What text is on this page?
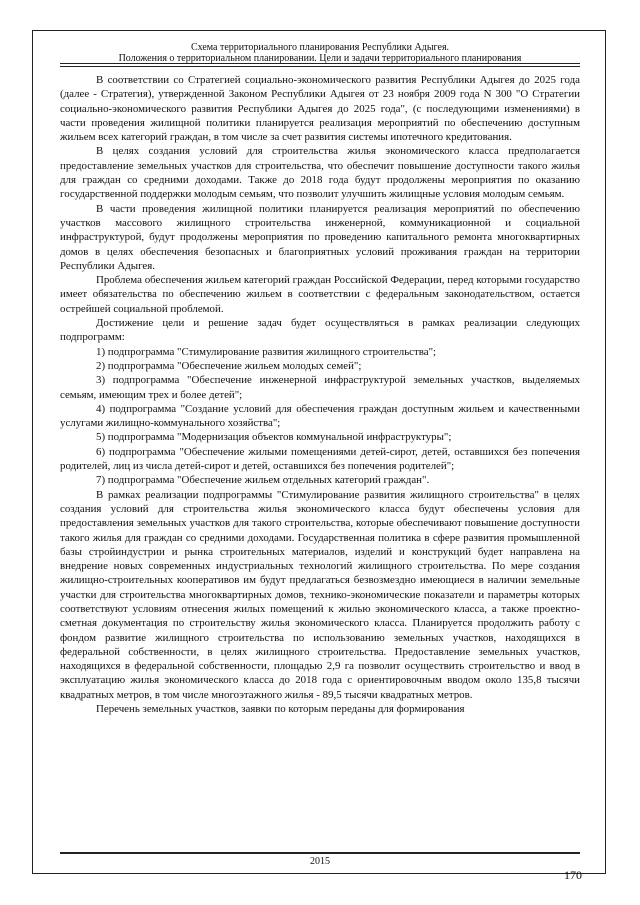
Схема территориального планирования Республики Адыгея.
Положения о территориальном планировании. Цели и задачи территориального планирования

В соответствии со Стратегией социально-экономического развития Республики Адыгея до 2025 года (далее - Стратегия), утвержденной Законом Республики Адыгея от 23 ноября 2009 года N 300 "О Стратегии социально-экономического развития Республики Адыгея до 2025 года", (с последующими изменениями) в части проведения жилищной политики планируется реализация мероприятий по обеспечению доступным жильем всех категорий граждан, в том числе за счет развития системы ипотечного кредитования.

В целях создания условий для строительства жилья экономического класса предполагается предоставление земельных участков для строительства, что обеспечит повышение доступности такого жилья для граждан со средними доходами. Также до 2018 года будут продолжены мероприятия по оказанию государственной поддержки молодым семьям, что позволит улучшить жилищные условия молодым семьям.

В части проведения жилищной политики планируется реализация мероприятий по обеспечению участков массового жилищного строительства инженерной, коммуникационной и социальной инфраструктурой, будут продолжены мероприятия по проведению капитального ремонта многоквартирных домов в целях обеспечения безопасных и благоприятных условий проживания граждан на территории Республики Адыгея.

Проблема обеспечения жильем категорий граждан Российской Федерации, перед которыми государство имеет обязательства по обеспечению жильем в соответствии с федеральным законодательством, остается острейшей социальной проблемой.

Достижение цели и решение задач будет осуществляться в рамках реализации следующих подпрограмм:

1) подпрограмма "Стимулирование развития жилищного строительства";

2) подпрограмма "Обеспечение жильем молодых семей";

3) подпрограмма "Обеспечение инженерной инфраструктурой земельных участков, выделяемых семьям, имеющим трех и более детей";

4) подпрограмма "Создание условий для обеспечения граждан доступным жильем и качественными услугами жилищно-коммунального хозяйства";

5) подпрограмма "Модернизация объектов коммунальной инфраструктуры";

6) подпрограмма "Обеспечение жилыми помещениями детей-сирот, детей, оставшихся без попечения родителей, лиц из числа детей-сирот и детей, оставшихся без попечения родителей";

7) подпрограмма "Обеспечение жильем отдельных категорий граждан".

В рамках реализации подпрограммы "Стимулирование развития жилищного строительства" в целях создания условий для строительства жилья экономического класса будут обеспечены условия для предоставления земельных участков для такого строительства, которые обеспечивают повышение доступности такого жилья для граждан со средними доходами. Государственная политика в сфере развития промышленной базы стройиндустрии и рынка строительных материалов, изделий и конструкций будет направлена на внедрение новых современных индустриальных технологий жилищного строительства. По мере создания жилищно-строительных кооперативов им будут предлагаться безвозмездно имеющиеся в наличии земельные участки для строительства многоквартирных домов, технико-экономические показатели и параметры которых соответствуют условиям отнесения жилых помещений к жилью экономического класса, а также проектно-сметная документация по строительству жилья экономического класса. Планируется продолжить работу с фондом развитие жилищного строительства по использованию земельных участков, находящихся в федеральной собственности, в целях жилищного строительства. Предоставление земельных участков, находящихся в федеральной собственности, площадью 2,9 га позволит осуществить строительство и ввод в эксплуатацию жилья экономического класса до 2018 года с ориентировочным вводом около 135,8 тысячи квадратных метров, в том числе многоэтажного жилья - 89,5 тысячи квадратных метров.

Перечень земельных участков, заявки по которым переданы для формирования

2015
170
